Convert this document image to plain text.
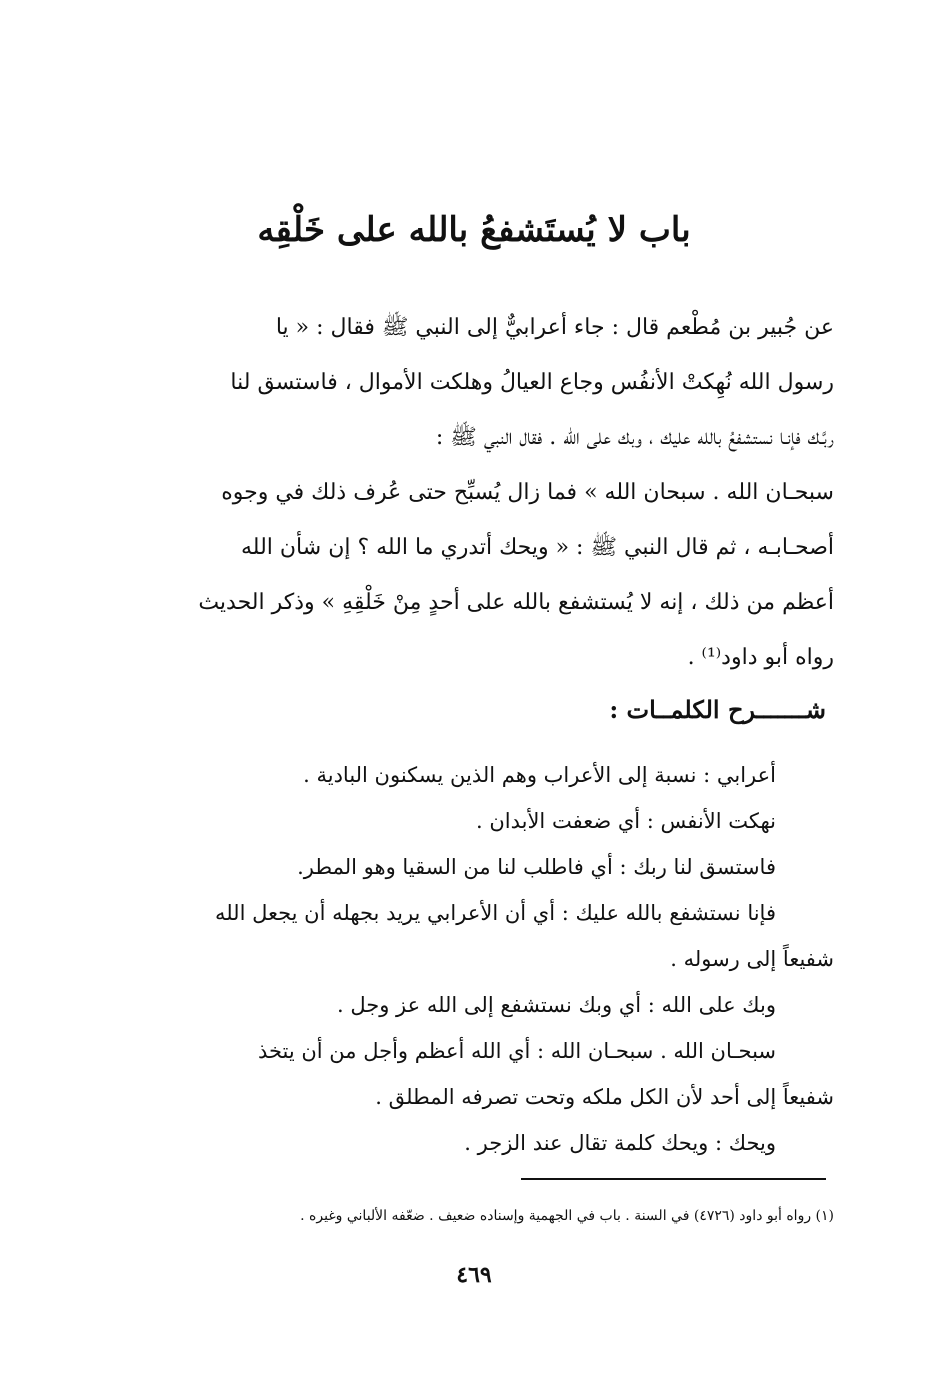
باب لا يُستَشفعُ بالله على خَلْقِه
عن جُبير بن مُطْعم قال : جاء أعرابيٌّ إلى النبي ﷺ فقال : « يا
رسول الله نُهِكتْ الأنفُس وجاع العيالُ وهلكت الأموال ، فاستسق لنا
ربَّـك فإنـا نستشفعُ بالله عليك ، وبك على الله . فقال النبي ﷺ :
سبحـان الله . سبحان الله » فما زال يُسبِّح حتى عُرف ذلك في وجوه
أصحـابـه ، ثم قال النبي ﷺ : « ويحك أتدري ما الله ؟ إن شأن الله
أعظم من ذلك ، إنه لا يُستشفع بالله على أحدٍ مِنْ خَلْقِهِ » وذكر الحديث
رواه أبو داود⁽¹⁾ .
شـــــــرح الكلمــات :
أعرابي : نسبة إلى الأعراب وهم الذين يسكنون البادية .
نهكت الأنفس : أي ضعفت الأبدان .
فاستسق لنا ربك : أي فاطلب لنا من السقيا وهو المطر.
فإنا نستشفع بالله عليك : أي أن الأعرابي يريد بجهله أن يجعل الله
شفيعاً إلى رسوله .
وبك على الله : أي وبك نستشفع إلى الله عز وجل .
سبحـان الله . سبحـان الله : أي الله أعظم وأجل من أن يتخذ
شفيعاً إلى أحد لأن الكل ملكه وتحت تصرفه المطلق .
ويحك : ويحك كلمة تقال عند الزجر .
(١) رواه أبو داود (٤٧٢٦) في السنة . باب في الجهمية وإسناده ضعيف . ضعّفه الألباني وغيره .
٤٦٩
